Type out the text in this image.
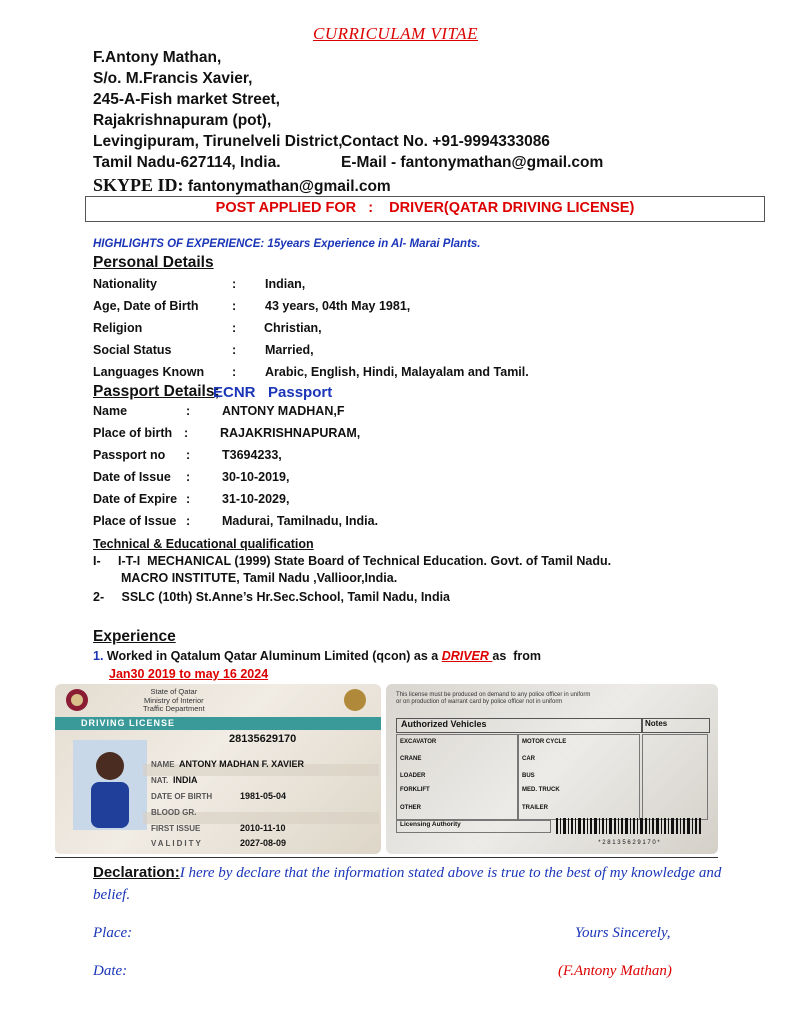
CURRICULAM VITAE
F.Antony Mathan,
S/o. M.Francis Xavier,
245-A-Fish market Street,
Rajakrishnapuram (pot),
Levingipuram, Tirunelveli District,
Tamil Nadu-627114, India.
Contact No. +91-9994333086
E-Mail - fantonymathan@gmail.com
SKYPE ID: fantonymathan@gmail.com
POST APPLIED FOR   :    DRIVER(QATAR DRIVING LICENSE)
HIGHLIGHTS OF EXPERIENCE: 15years Experience in Al- Marai Plants.
Personal Details
Nationality	: Indian,
Age, Date of Birth	: 43 years, 04th May 1981,
Religion	: Christian,
Social Status	: Married,
Languages Known : Arabic, English, Hindi, Malayalam and Tamil.
Passport Details;
ECNR   Passport
Name	:	ANTONY MADHAN,F
Place of birth :	RAJAKRISHNAPURAM,
Passport no :	T3694233,
Date of Issue :	30-10-2019,
Date of Expire :	31-10-2029,
Place of Issue :	Madurai, Tamilnadu, India.
Technical & Educational qualification
I-     I-T-I  MECHANICAL (1999) State Board of Technical Education. Govt. of Tamil Nadu.
MACRO INSTITUTE, Tamil Nadu ,Vallioor,India.
2-     SSLC (10th) St.Anne’s Hr.Sec.School, Tamil Nadu, India
Experience
1. Worked in Qatalum Qatar Aluminum Limited (qcon) as a DRIVER as  from
Jan30 2019 to may 16 2024
State of Qatar
Ministry of Interior
Traffic Department
DRIVING LICENSE
28135629170
NAME ANTONY MADHAN F. XAVIER
NAT. INDIA
DATE OF BIRTH	1981-05-04
BLOOD GR.
FIRST ISSUE	2010-11-10
VALIDITY	2027-08-09
This license must be produced on demand to any police officer in uniform or on production of warrant card by police officer not in uniform
Authorized Vehicles	Notes
EXCAVATOR
CRANE
LOADER
FORKLIFT
OTHER
MOTOR CYCLE
CAR
BUS
MED. TRUCK
TRAILER
Licensing Authority
* 2 8 1 3 5 6 2 9 1 7 0 *
Declaration:I here by declare that the information stated above is true to the best of my knowledge and belief.
Place:	Yours Sincerely,
Date:	(F.Antony Mathan)
